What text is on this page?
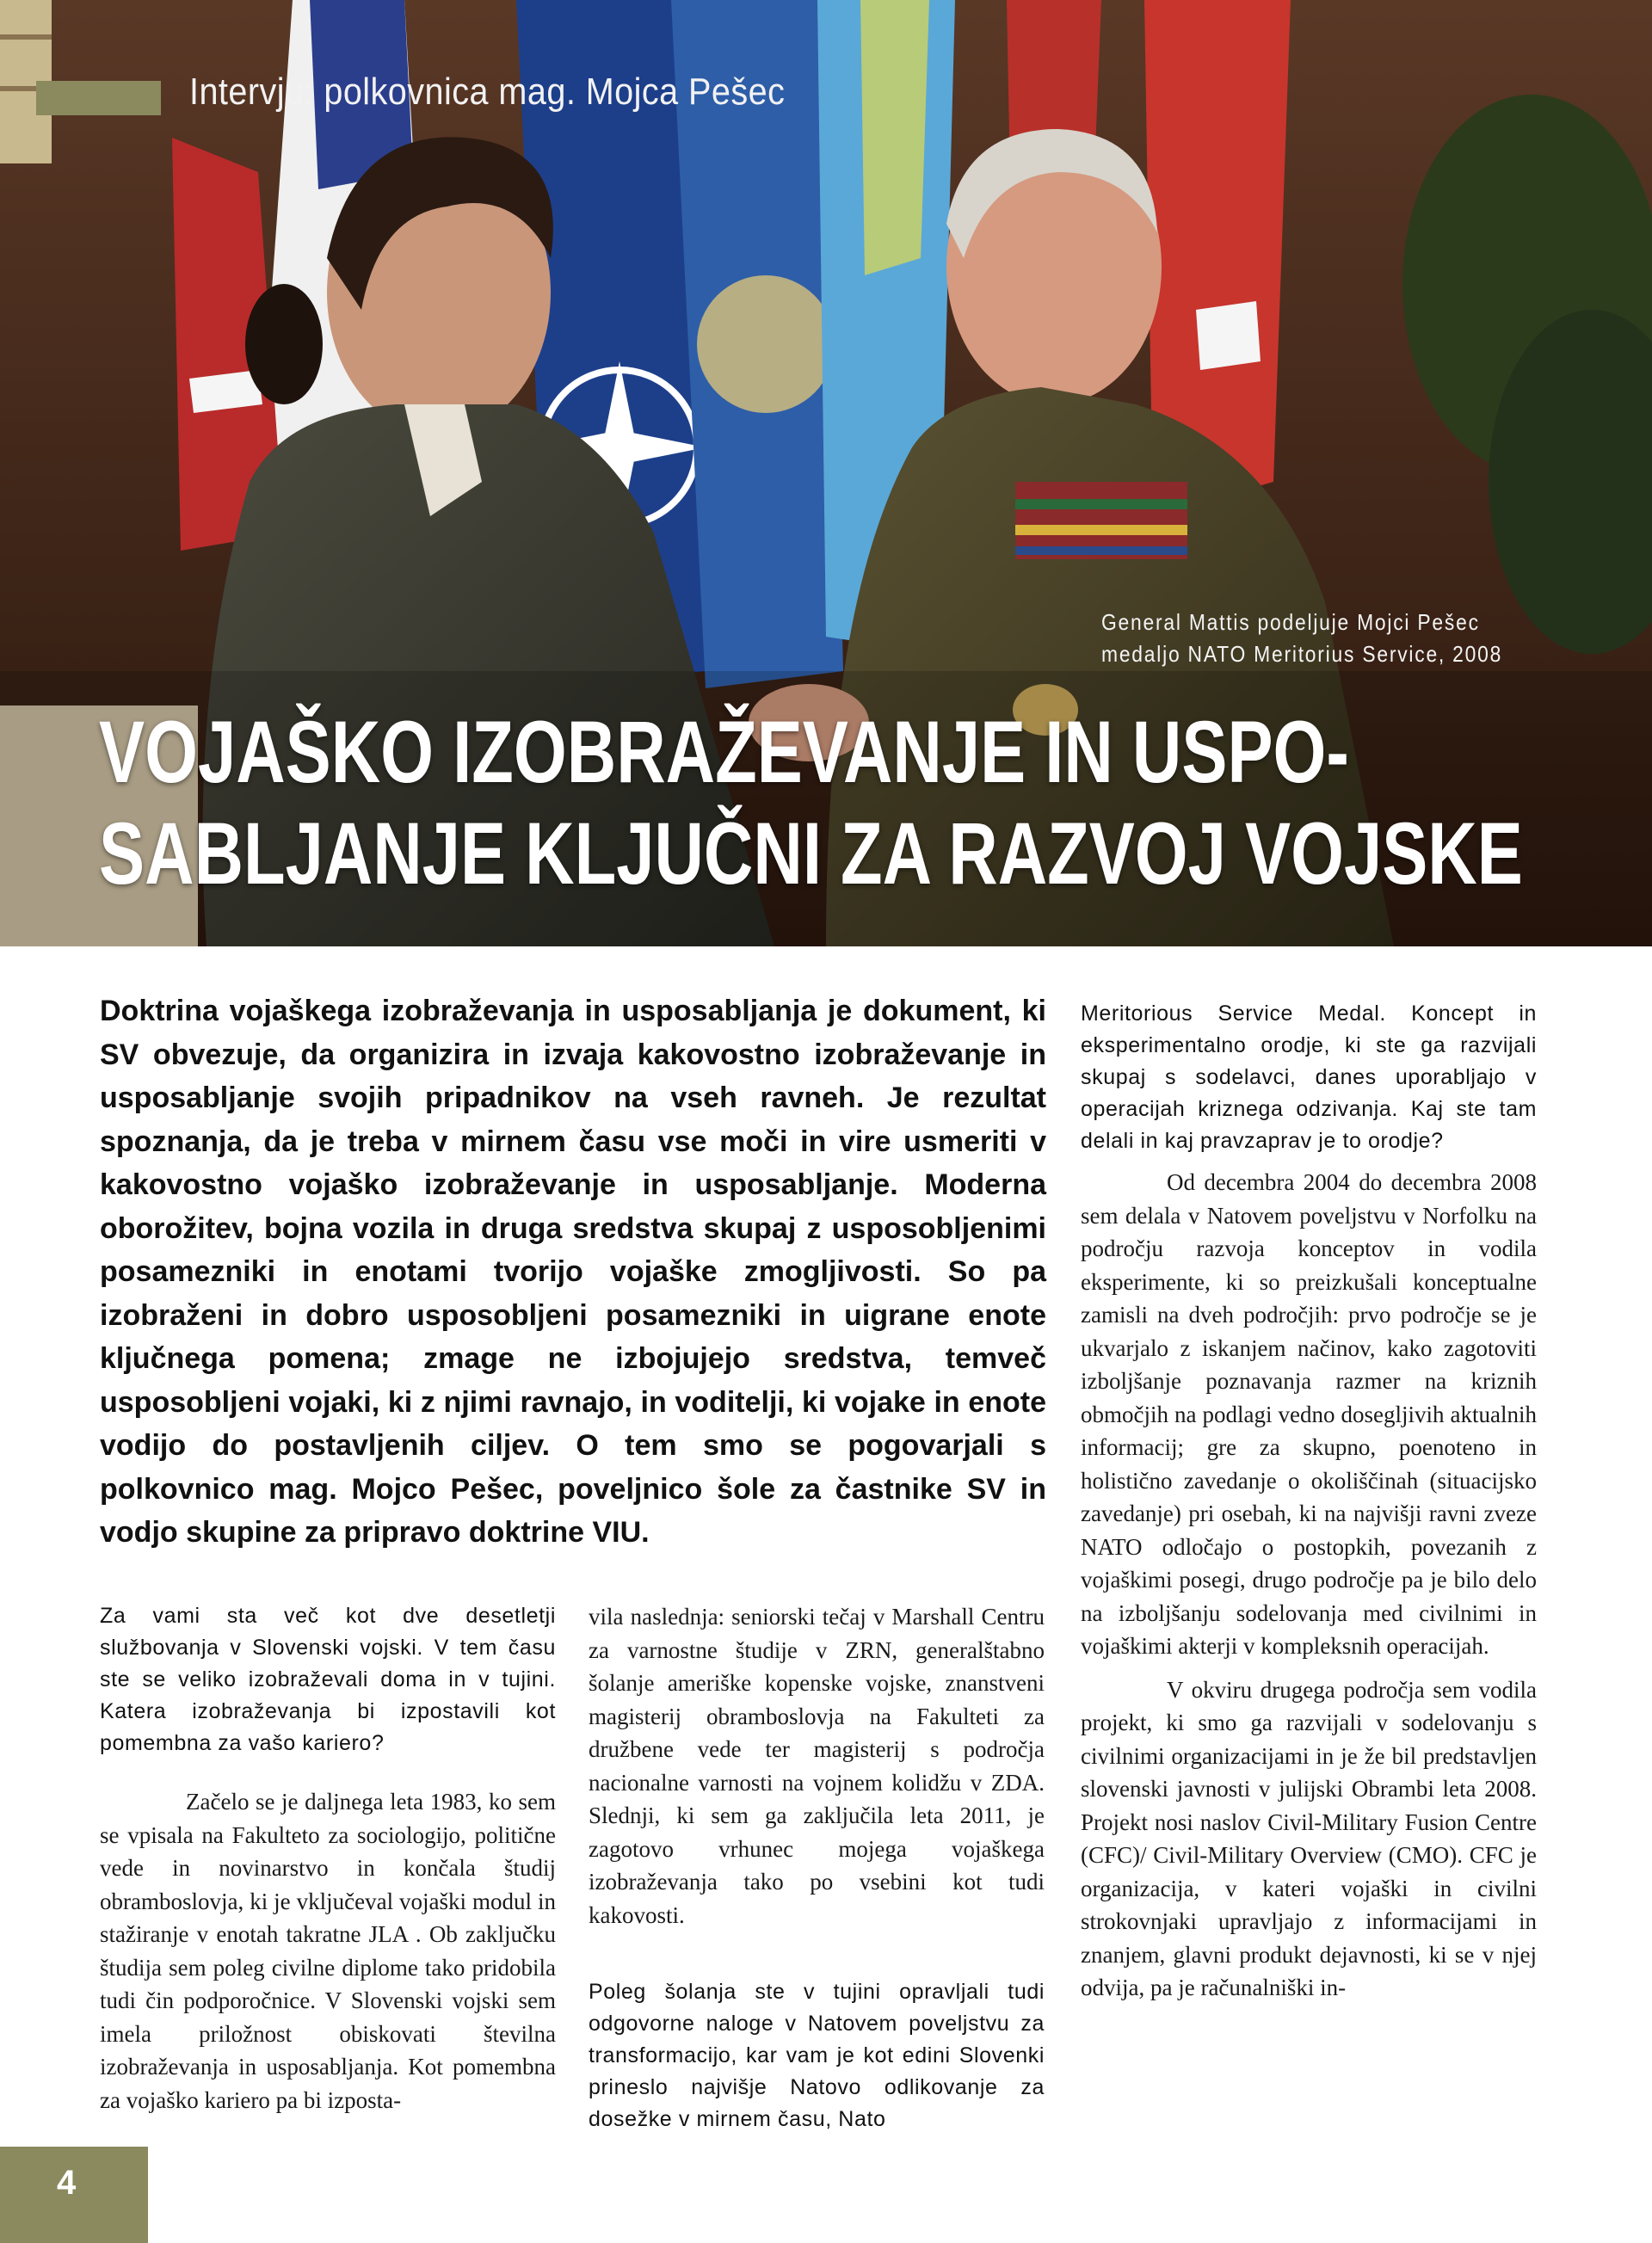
Intervju: polkovnica mag. Mojca Pešec
General Mattis podeljuje Mojci Pešec
medaljo NATO Meritorius Service, 2008
VOJAŠKO IZOBRAŽEVANJE IN USPO-
SABLJANJE KLJUČNI ZA RAZVOJ VOJSKE
Doktrina vojaškega izobraževanja in usposabljanja je dokument, ki SV obvezuje, da organizira in izvaja kakovostno izobraževanje in usposabljanje svojih pripadnikov na vseh ravneh. Je rezultat spoznanja, da je treba v mirnem času vse moči in vire usmeriti v kakovostno vojaško izobraževanje in usposabljanje. Moderna oborožitev, bojna vozila in druga sredstva skupaj z usposobljenimi posamezniki in enotami tvorijo vojaške zmogljivosti. So pa izobraženi in dobro usposobljeni posamezniki in uigrane enote ključnega pomena; zmage ne izbojujejo sredstva, temveč usposobljeni vojaki, ki z njimi ravnajo, in voditelji, ki vojake in enote vodijo do postavljenih ciljev. O tem smo se pogovarjali s polkovnico mag. Mojco Pešec, poveljnico šole za častnike SV in vodjo skupine za pripravo doktrine VIU.

Za vami sta več kot dve desetletji službovanja v Slovenski vojski. V tem času ste se veliko izobraževali doma in v tujini. Katera izobraževanja bi izpostavili kot pomembna za vašo kariero?

Začelo se je daljnega leta 1983, ko sem se vpisala na Fakulteto za sociologijo, politične vede in novinarstvo in končala študij obramboslovja, ki je vključeval vojaški modul in stažiranje v enotah takratne JLA . Ob zaključku študija sem poleg civilne diplome tako pridobila tudi čin podporočnice. V Slovenski vojski sem imela priložnost obiskovati številna izobraževanja in usposabljanja. Kot pomembna za vojaško kariero pa bi izposta-

vila naslednja: seniorski tečaj v Marshall Centru za varnostne študije v ZRN, generalštabno šolanje ameriške kopenske vojske, znanstveni magisterij obramboslovja na Fakulteti za družbene vede ter magisterij s področja nacionalne varnosti na vojnem kolidžu v ZDA. Slednji, ki sem ga zaključila leta 2011, je zagotovo vrhunec mojega vojaškega izobraževanja tako po vsebini kot tudi kakovosti.

Poleg šolanja ste v tujini opravljali tudi odgovorne naloge v Natovem poveljstvu za transformacijo, kar vam je kot edini Slovenki prineslo najvišje Natovo odlikovanje za dosežke v mirnem času, Nato

Meritorious Service Medal. Koncept in eksperimentalno orodje, ki ste ga razvijali skupaj s sodelavci, danes uporabljajo v operacijah kriznega odzivanja. Kaj ste tam delali in kaj pravzaprav je to orodje?

Od decembra 2004 do decembra 2008 sem delala v Natovem poveljstvu v Norfolku na področju razvoja konceptov in vodila eksperimente, ki so preizkušali konceptualne zamisli na dveh področjih: prvo področje se je ukvarjalo z iskanjem načinov, kako zagotoviti izboljšanje poznavanja razmer na kriznih območjih na podlagi vedno dosegljivih aktualnih informacij; gre za skupno, poenoteno in holistično zavedanje o okoliščinah (situacijsko zavedanje) pri osebah, ki na najvišji ravni zveze NATO odločajo o postopkih, povezanih z vojaškimi posegi, drugo področje pa je bilo delo na izboljšanju sodelovanja med civilnimi in vojaškimi akterji v kompleksnih operacijah.

V okviru drugega področja sem vodila projekt, ki smo ga razvijali v sodelovanju s civilnimi organizacijami in je že bil predstavljen slovenski javnosti v julijski Obrambi leta 2008. Projekt nosi naslov Civil-Military Fusion Centre (CFC)/ Civil-Military Overview (CMO). CFC je organizacija, v kateri vojaški in civilni strokovnjaki upravljajo z informacijami in znanjem, glavni produkt dejavnosti, ki se v njej odvija, pa je računalniški in-

4
